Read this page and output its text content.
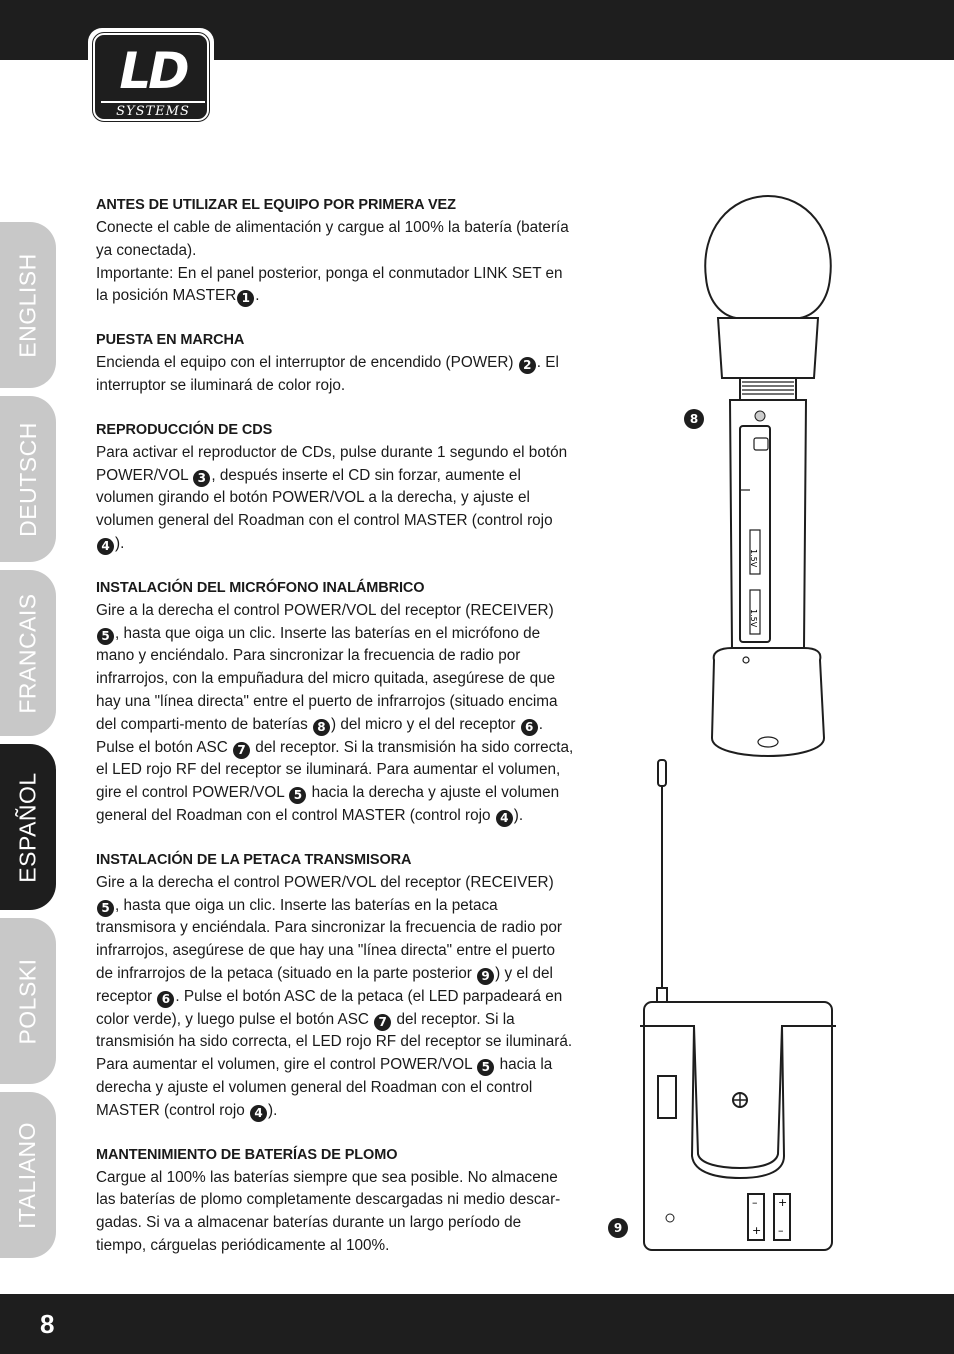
LD
SYSTEMS
ENGLISH
DEUTSCH
FRANCAIS
ESPAÑOL
POLSKI
ITALIANO
ANTES DE UTILIZAR EL EQUIPO POR PRIMERA VEZ

Conecte el cable de alimentación y cargue al 100% la batería (batería ya conectada).

Importante: En el panel posterior, ponga el conmutador LINK SET en la posición MASTER 1 .

PUESTA EN MARCHA

Encienda el equipo con el interruptor de encendido (POWER) 2 . El interruptor se iluminará de color rojo.

REPRODUCCIÓN DE CDS

Para activar el reproductor de CDs, pulse durante 1 segundo el botón POWER/VOL 3 , después inserte el CD sin forzar, aumente el volumen girando el botón POWER/VOL a la derecha, y ajuste el volumen general del Roadman con el control MASTER (control rojo 4 ).

INSTALACIÓN DEL MICRÓFONO INALÁMBRICO

Gire a la derecha el control POWER/VOL del receptor (RECEIVER) 5 , hasta que oiga un clic. Inserte las baterías en el micrófono de mano y enciéndalo. Para sincronizar la frecuencia de radio por infrarrojos, con la empuñadura del micro quitada, asegúrese de que hay una "línea directa" entre el puerto de infrarrojos (situado encima del comparti-mento de baterías 8 ) del micro y el del receptor 6 . Pulse el botón ASC 7 del receptor. Si la transmisión ha sido correcta, el LED rojo RF del receptor se iluminará. Para aumentar el volumen, gire el control POWER/VOL 5 hacia la derecha y ajuste el volumen general del Roadman con el control MASTER (control rojo 4 ).

INSTALACIÓN DE LA PETACA TRANSMISORA

Gire a la derecha el control POWER/VOL del receptor (RECEIVER) 5 , hasta que oiga un clic. Inserte las baterías en la petaca transmisora y enciéndala. Para sincronizar la frecuencia de radio por infrarrojos, asegúrese de que hay una "línea directa" entre el puerto de infrarrojos de la petaca (situado en la parte posterior 9 ) y el del receptor 6 . Pulse el botón ASC de la petaca (el LED parpadeará en color verde), y luego pulse el botón ASC 7 del receptor. Si la transmisión ha sido correcta, el LED rojo RF del receptor se iluminará. Para aumentar el volumen, gire el control POWER/VOL 5 hacia la derecha y ajuste el volumen general del Roadman con el control MASTER (control rojo 4 ).

MANTENIMIENTO DE BATERÍAS DE PLOMO

Cargue al 100% las baterías siempre que sea posible. No almacene las baterías de plomo completamente descargadas ni medio descar-gadas. Si va a almacenar baterías durante un largo período de tiempo, cárguelas periódicamente al 100%.

1.5V
1.5V
8
+
– +
–
9
8
